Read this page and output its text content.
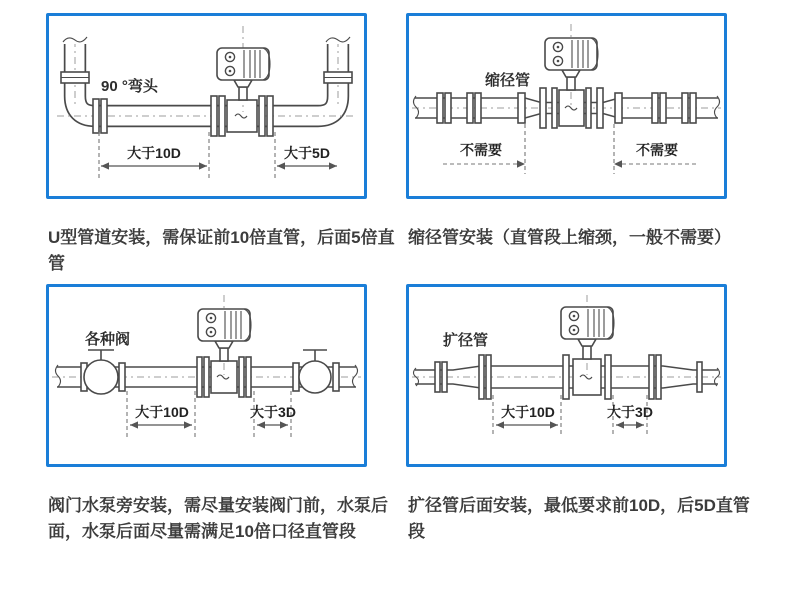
90 °弯头
大于10D	大于5D

U型管道安装，需保证前10倍直管，后面5倍直管

缩径管
不需要	不需要

缩径管安装（直管段上缩颈，一般不需要）

各种阀
大于10D	大于3D

阀门水泵旁安装，需尽量安装阀门前，水泵后面，水泵后面尽量需满足10倍口径直管段

扩径管
大于10D	大于3D

扩径管后面安装，最低要求前10D，后5D直管段
